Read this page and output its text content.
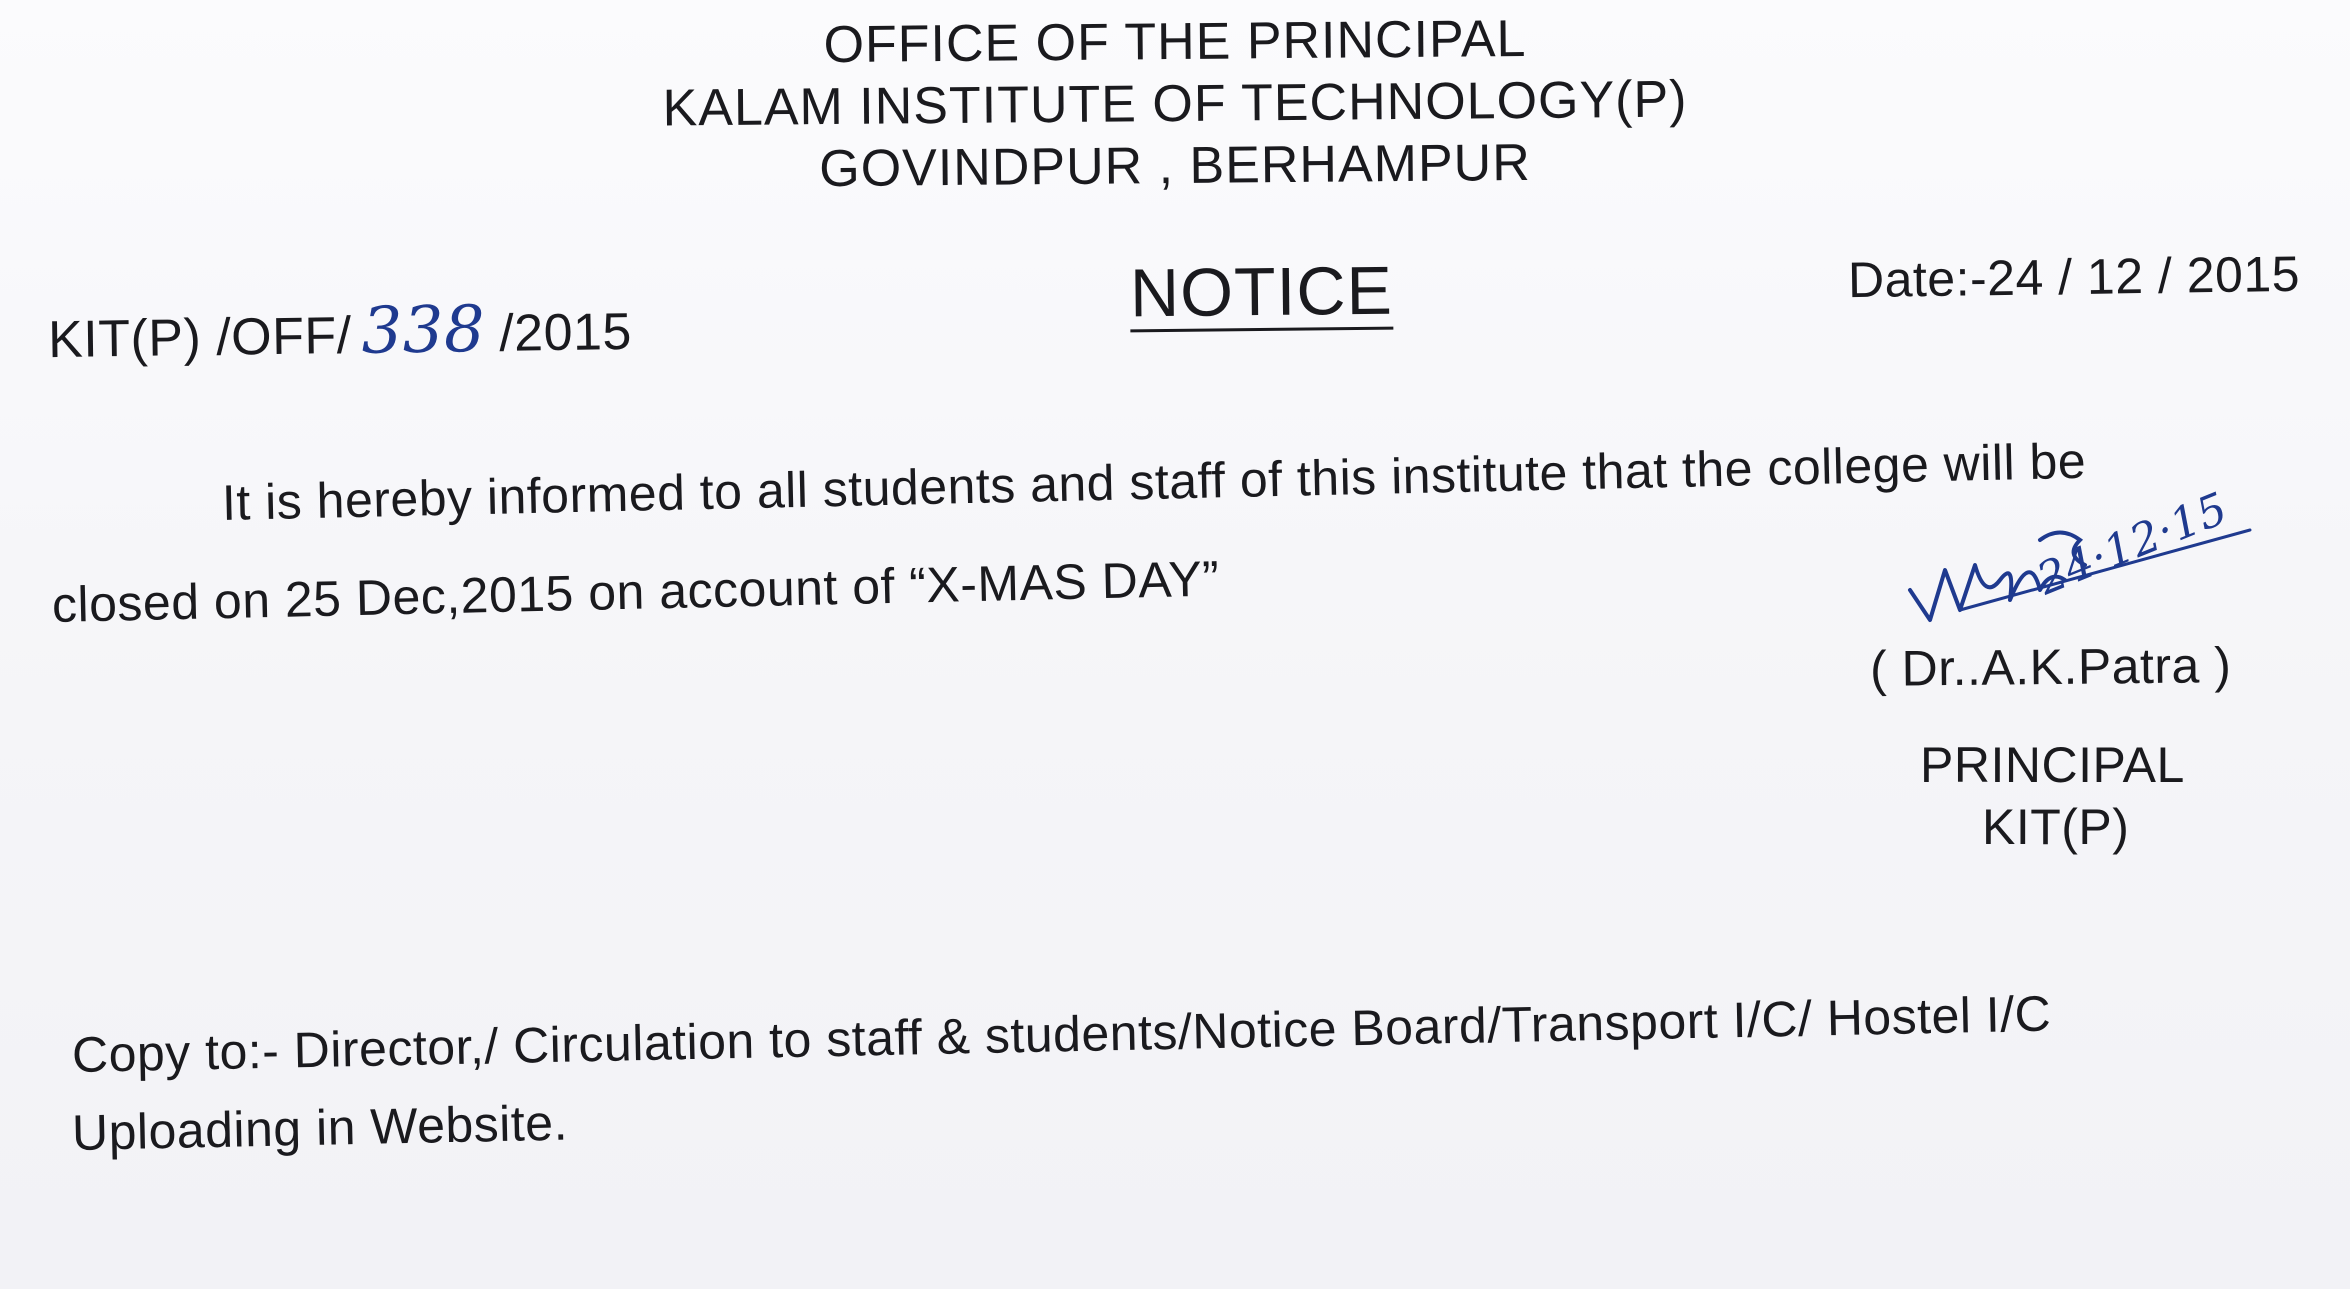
OFFICE OF THE PRINCIPAL
KALAM INSTITUTE OF TECHNOLOGY(P)
GOVINDPUR , BERHAMPUR
KIT(P) /OFF/ 338 /2015
NOTICE	Date:-24 / 12 / 2015
It is hereby informed to all students and staff of this institute that the college will be
closed on 25 Dec,2015 on account of “X-MAS DAY”	24·12·15
( Dr..A.K.Patra )
PRINCIPAL
KIT(P)
Copy to:- Director,/ Circulation to staff & students/Notice Board/Transport I/C/ Hostel I/C
Uploading in Website.
